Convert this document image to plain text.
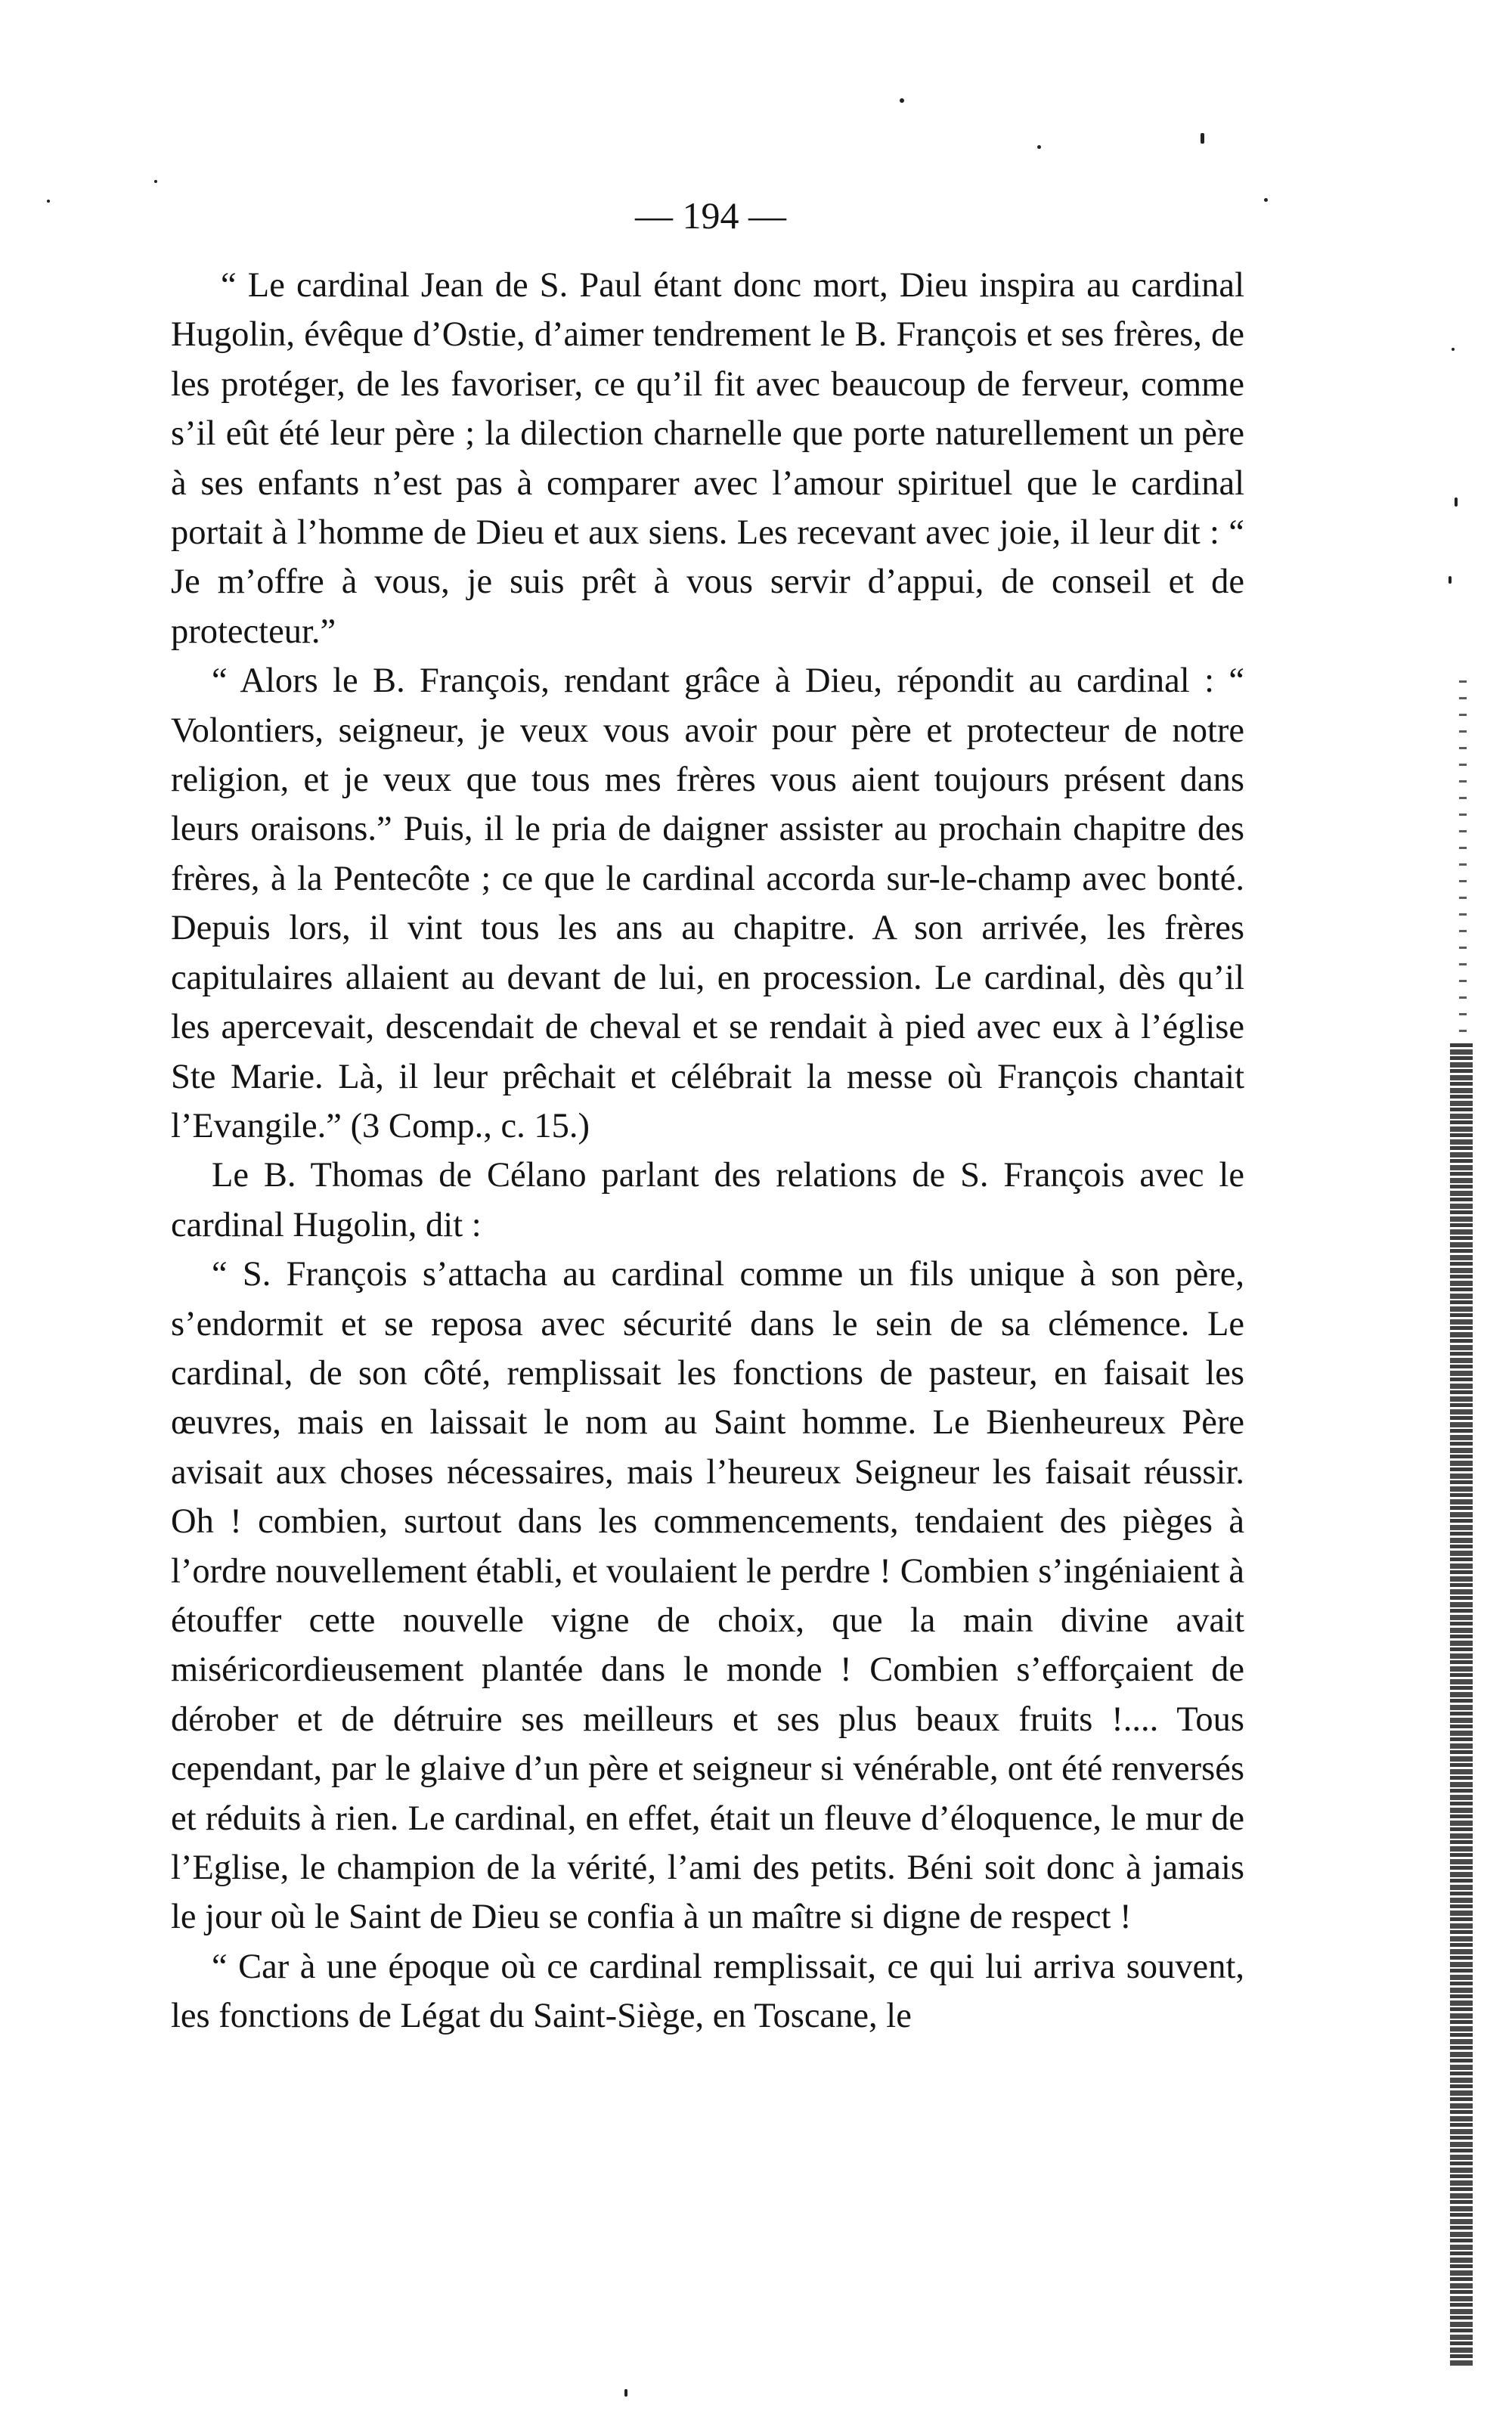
— 194 —

“ Le cardinal Jean de S. Paul étant donc mort, Dieu inspira au cardinal Hugolin, évêque d’Ostie, d’aimer tendrement le B. François et ses frères, de les protéger, de les favoriser, ce qu’il fit avec beaucoup de ferveur, comme s’il eût été leur père ; la dilection charnelle que porte naturellement un père à ses enfants n’est pas à comparer avec l’amour spirituel que le cardinal portait à l’homme de Dieu et aux siens. Les recevant avec joie, il leur dit : “ Je m’offre à vous, je suis prêt à vous servir d’appui, de conseil et de protecteur.”

“ Alors le B. François, rendant grâce à Dieu, répondit au cardinal : “ Volontiers, seigneur, je veux vous avoir pour père et protecteur de notre religion, et je veux que tous mes frères vous aient toujours présent dans leurs oraisons.” Puis, il le pria de daigner assister au prochain chapitre des frères, à la Pentecôte ; ce que le cardinal accorda sur-le-champ avec bonté. Depuis lors, il vint tous les ans au chapitre. A son arrivée, les frères capitulaires allaient au devant de lui, en procession. Le cardinal, dès qu’il les apercevait, descendait de cheval et se rendait à pied avec eux à l’église Ste Marie. Là, il leur prêchait et célébrait la messe où François chantait l’Evangile.” (3 Comp., c. 15.)

Le B. Thomas de Célano parlant des relations de S. François avec le cardinal Hugolin, dit :

“ S. François s’attacha au cardinal comme un fils unique à son père, s’endormit et se reposa avec sécurité dans le sein de sa clémence. Le cardinal, de son côté, remplissait les fonctions de pasteur, en faisait les œuvres, mais en laissait le nom au Saint homme. Le Bienheureux Père avisait aux choses nécessaires, mais l’heureux Seigneur les faisait réussir. Oh ! combien, surtout dans les commencements, tendaient des pièges à l’ordre nouvellement établi, et voulaient le perdre ! Combien s’ingéniaient à étouffer cette nouvelle vigne de choix, que la main divine avait miséricordieusement plantée dans le monde ! Combien s’efforçaient de dérober et de détruire ses meilleurs et ses plus beaux fruits !.... Tous cependant, par le glaive d’un père et seigneur si vénérable, ont été renversés et réduits à rien. Le cardinal, en effet, était un fleuve d’éloquence, le mur de l’Eglise, le champion de la vérité, l’ami des petits. Béni soit donc à jamais le jour où le Saint de Dieu se confia à un maître si digne de respect !

“ Car à une époque où ce cardinal remplissait, ce qui lui arriva souvent, les fonctions de Légat du Saint-Siège, en Toscane, le
